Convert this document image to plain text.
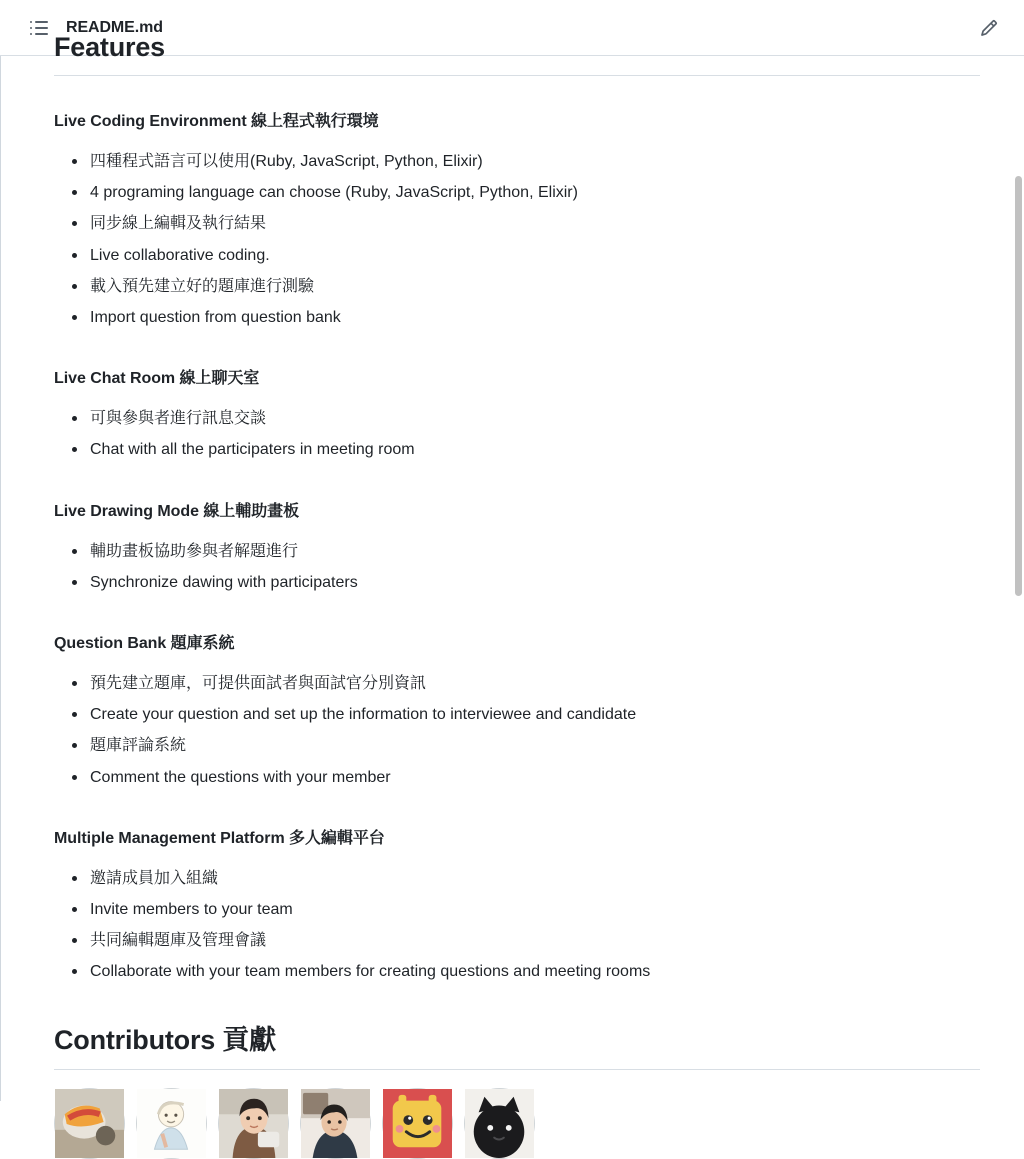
README.md
Features
Live Coding Environment 線上程式執行環境
四種程式語言可以使用(Ruby, JavaScript, Python, Elixir)
4 programing language can choose (Ruby, JavaScript, Python, Elixir)
同步線上編輯及執行結果
Live collaborative coding.
載入預先建立好的題庫進行測驗
Import question from question bank
Live Chat Room 線上聊天室
可與參與者進行訊息交談
Chat with all the participaters in meeting room
Live Drawing Mode 線上輔助畫板
輔助畫板協助參與者解題進行
Synchronize dawing with participaters
Question Bank 題庫系統
預先建立題庫，可提供面試者與面試官分別資訊
Create your question and set up the information to interviewee and candidate
題庫評論系統
Comment the questions with your member
Multiple Management Platform 多人編輯平台
邀請成員加入組織
Invite members to your team
共同編輯題庫及管理會議
Collaborate with your team members for creating questions and meeting rooms
Contributors 貢獻
